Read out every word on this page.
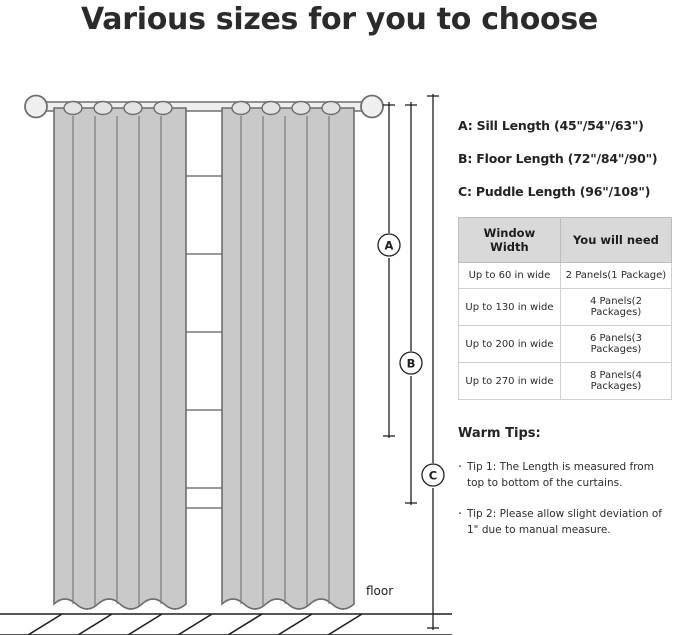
Various sizes for you to choose
A
B
C
floor
A: Sill Length (45"/54"/63")
B: Floor Length (72"/84"/90")
C: Puddle Length (96"/108")
Window Width	You will need
Up to 60 in wide	2 Panels(1 Package)
Up to 130 in wide	4 Panels(2 Packages)
Up to 200 in wide	6 Panels(3 Packages)
Up to 270 in wide	8 Panels(4 Packages)
Warm Tips:
· Tip 1: The Length is measured from top to bottom of the curtains.
· Tip 2: Please allow slight deviation of 1" due to manual measure.
